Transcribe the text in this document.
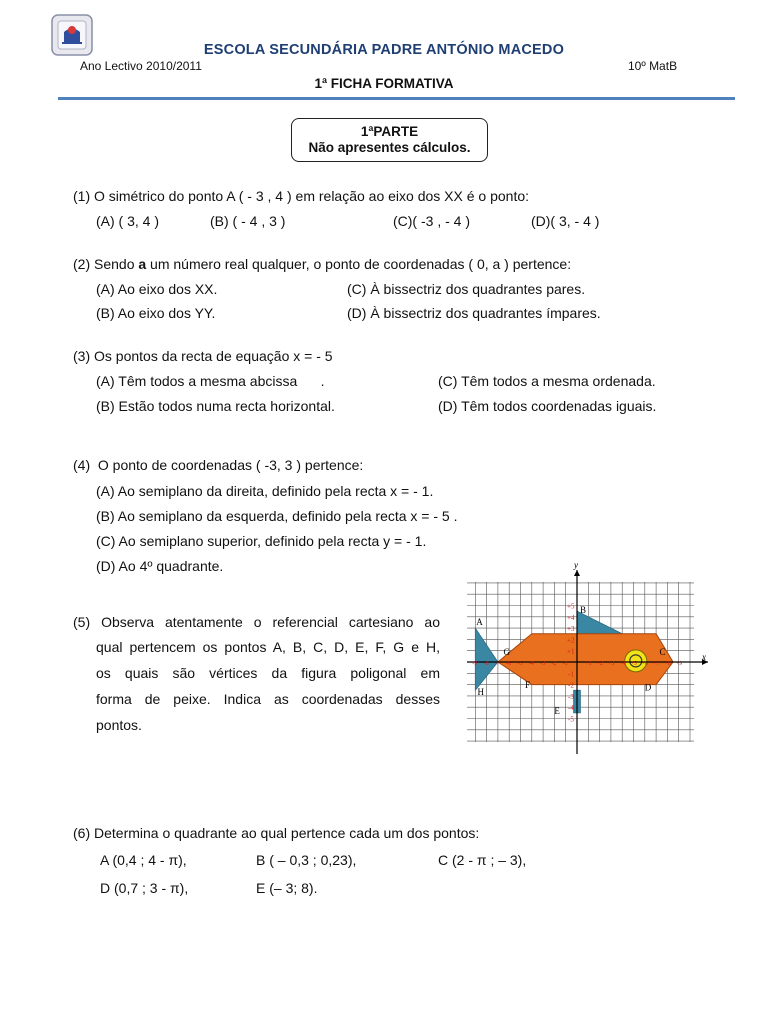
ESCOLA SECUNDÁRIA PADRE ANTÓNIO MACEDO
Ano Lectivo 2010/2011	10º MatB
1ª FICHA FORMATIVA
1ªPARTE
Não apresentes cálculos.
(1) O simétrico do ponto A ( - 3 , 4 ) em relação ao eixo dos XX é o ponto:
(A) ( 3, 4 )	(B) ( - 4 , 3 )	(C)( -3 , - 4 )	(D)( 3, - 4 )
(2) Sendo a um número real qualquer, o ponto de coordenadas ( 0, a ) pertence:
(A) Ao eixo dos XX.	(C) À bissectriz dos quadrantes pares.
(B) Ao eixo dos YY.	(D) À bissectriz dos quadrantes ímpares.
(3) Os pontos da recta de equação x = - 5
(A) Têm todos a mesma abcissa      .	(C) Têm todos a mesma ordenada.
(B) Estão todos numa recta horizontal.	(D) Têm todos coordenadas iguais.
(4)  O ponto de coordenadas ( -3, 3 ) pertence:
(A) Ao semiplano da direita, definido pela recta x = - 1.
(B) Ao semiplano da esquerda, definido pela recta x = - 5 .
(C) Ao semiplano superior, definido pela recta y = - 1.
(D) Ao 4º quadrante.
(5) Observa atentamente o referencial cartesiano ao
qual pertencem os pontos A, B, C, D, E, F, G e H,
os quais são vértices da figura poligonal em
forma de peixe. Indica as coordenadas desses
pontos.
+1
+2
+3
+4
+5
-1
-2
-3
-4
-5
+1 +2 +3 +4 +5 +6 +7 +8 +9
-1
-2
-3
-4
-5
-6
-7
-8
-9
x
y
A
B
C
D
E
F
G
H
(6) Determina o quadrante ao qual pertence cada um dos pontos:
A (0,4 ; 4 - π),	B ( – 0,3 ; 0,23),	C (2 - π ; – 3),
D (0,7 ; 3 - π),	E (– 3; 8).
